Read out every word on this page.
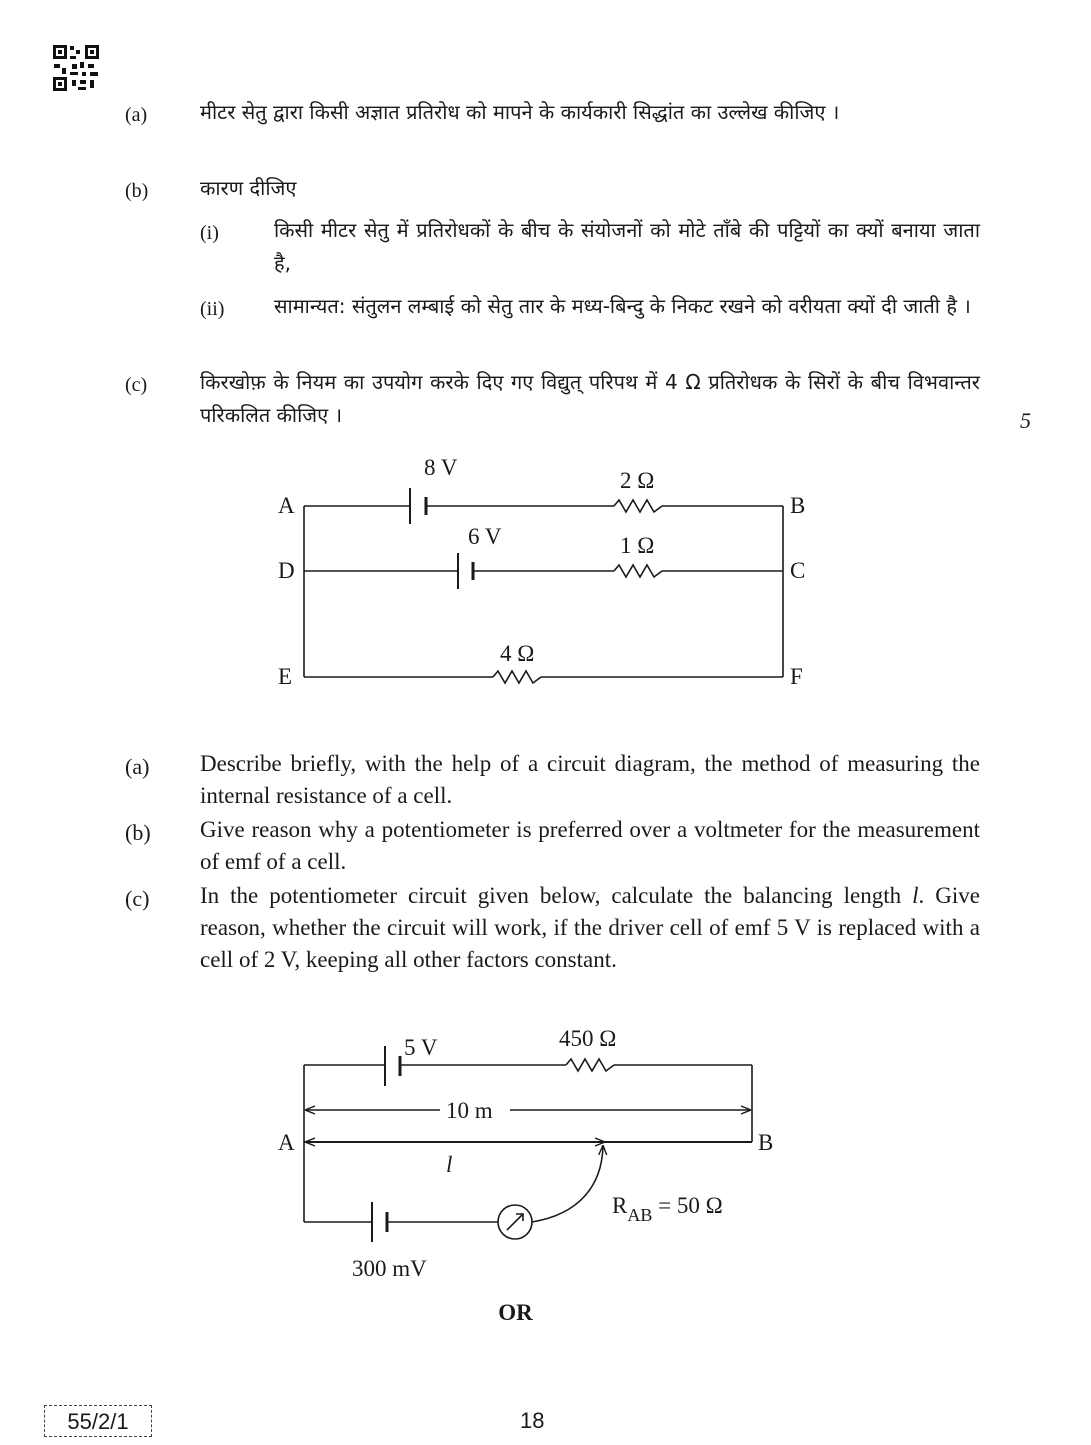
(a)	मीटर सेतु द्वारा किसी अज्ञात प्रतिरोध को मापने के कार्यकारी सिद्धांत का उल्लेख कीजिए ।
(b)	कारण दीजिए
(i)	किसी मीटर सेतु में प्रतिरोधकों के बीच के संयोजनों को मोटे ताँबे की पट्टियों का क्यों बनाया जाता है,
(ii) सामान्यत: संतुलन लम्बाई को सेतु तार के मध्य-बिन्दु के निकट रखने को वरीयता क्यों दी जाती है ।
(c)	किरखोफ़ के नियम का उपयोग करके दिए गए विद्युत् परिपथ में 4 Ω प्रतिरोधक के सिरों के बीच विभवान्तर परिकलित कीजिए ।	5
A	B
D	C
E	F
8 V
2 Ω
6 V	1 Ω
4 Ω
(a) Describe briefly, with the help of a circuit diagram, the method of measuring the internal resistance of a cell.
(b) Give reason why a potentiometer is preferred over a voltmeter for the measurement of emf of a cell.
(c) In the potentiometer circuit given below, calculate the balancing length l. Give reason, whether the circuit will work, if the driver cell of emf 5 V is replaced with a cell of 2 V, keeping all other factors constant.
5 V	450 Ω
10 m
A	B
l
$R_{AB} = 50$ Ω
300 mV
OR
55/2/1	18
